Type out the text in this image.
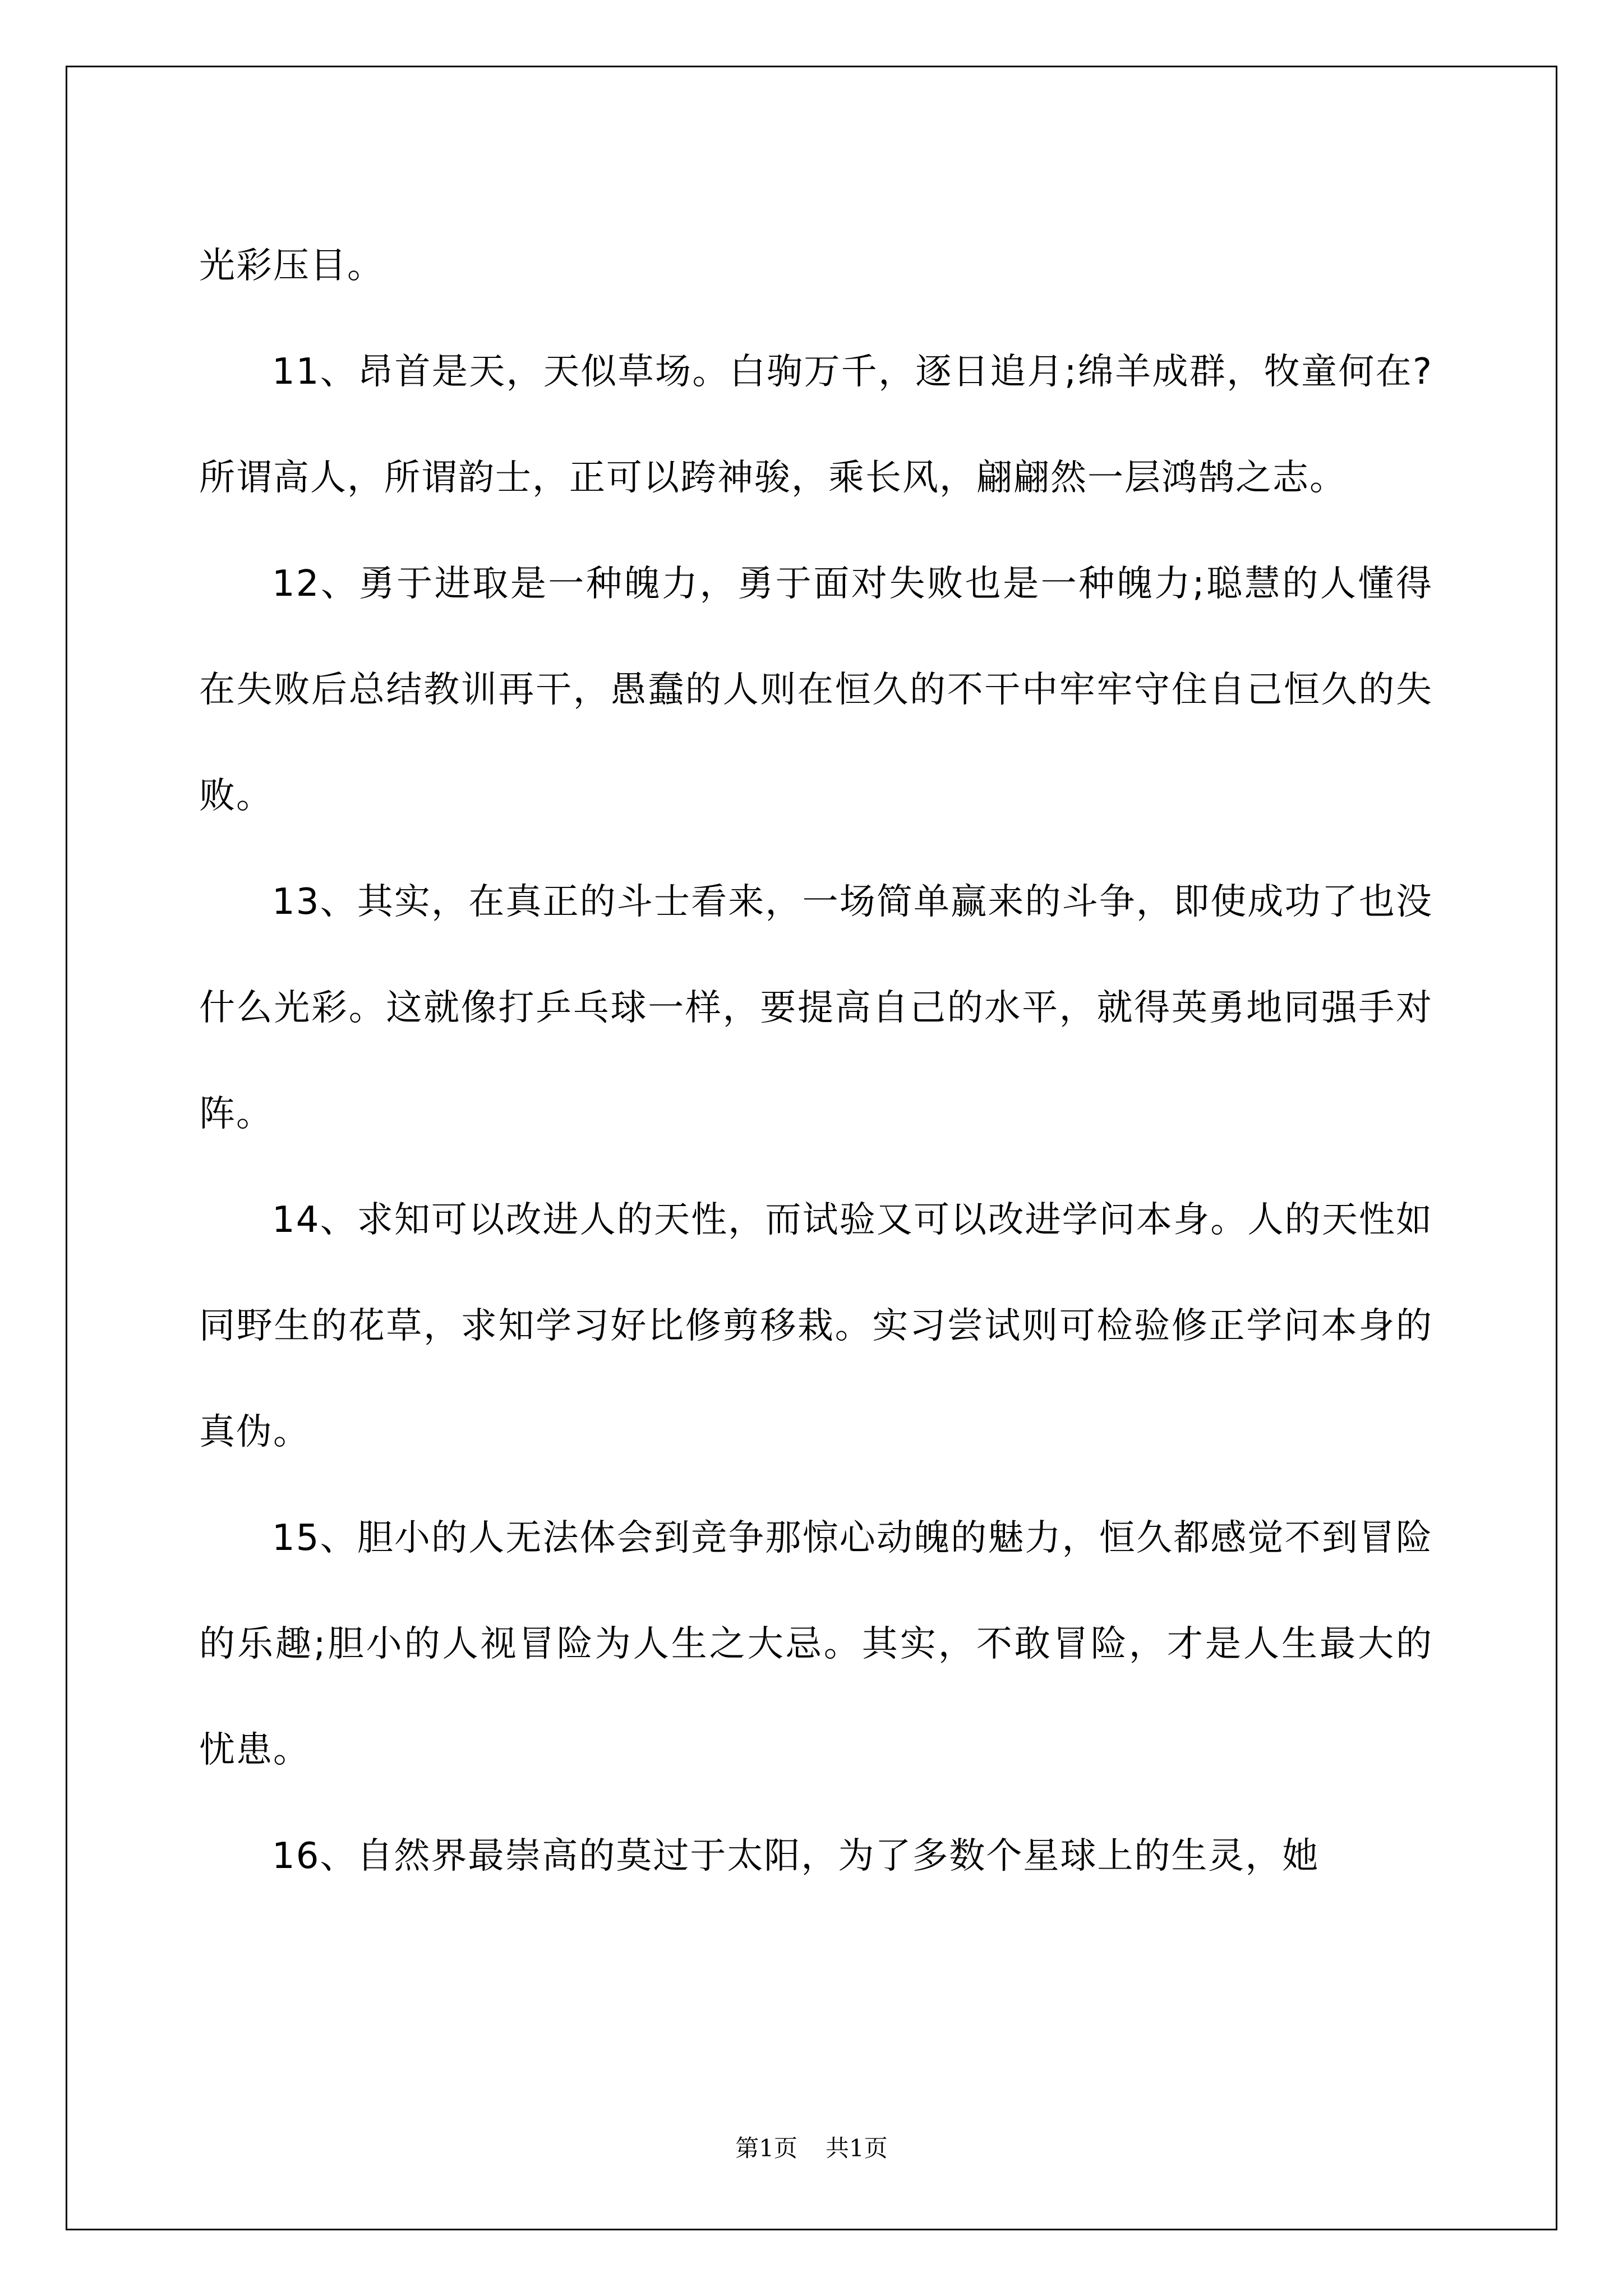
光彩压目。

11、昂首是天，天似草场。白驹万千，逐日追月;绵羊成群，牧童何在?所谓高人，所谓韵士，正可以跨神骏，乘长风，翩翩然一层鸿鹄之志。

12、勇于进取是一种魄力，勇于面对失败也是一种魄力;聪慧的人懂得在失败后总结教训再干，愚蠢的人则在恒久的不干中牢牢守住自己恒久的失败。

13、其实，在真正的斗士看来，一场简单赢来的斗争，即使成功了也没什么光彩。这就像打乒乓球一样，要提高自己的水平，就得英勇地同强手对阵。

14、求知可以改进人的天性，而试验又可以改进学问本身。人的天性如同野生的花草，求知学习好比修剪移栽。实习尝试则可检验修正学问本身的真伪。

15、胆小的人无法体会到竞争那惊心动魄的魅力，恒久都感觉不到冒险的乐趣;胆小的人视冒险为人生之大忌。其实，不敢冒险，才是人生最大的忧患。

16、自然界最崇高的莫过于太阳，为了多数个星球上的生灵，她

第1页 共1页
